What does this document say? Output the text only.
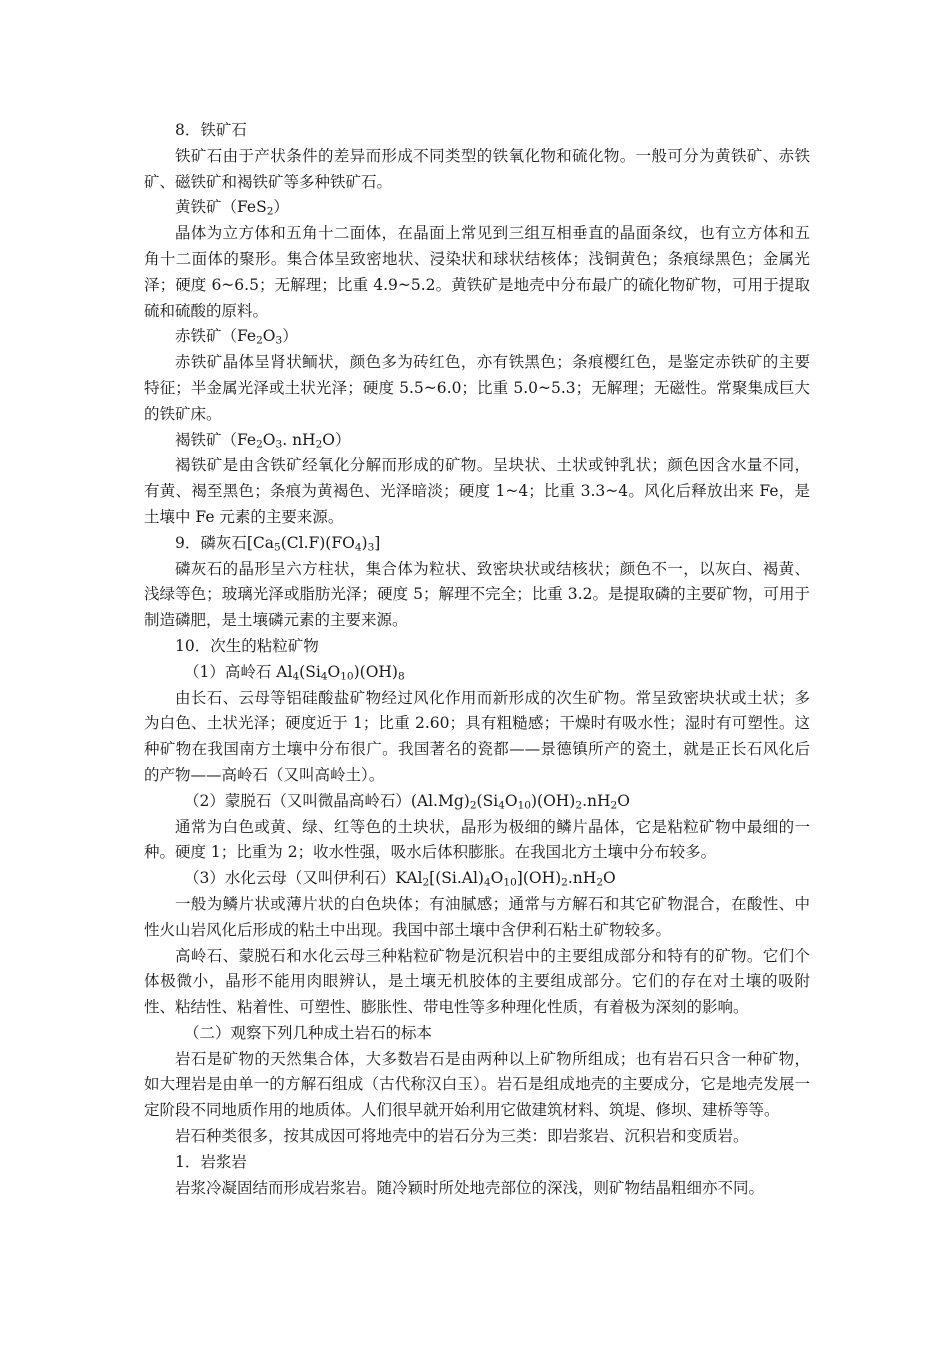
8．铁矿石

铁矿石由于产状条件的差异而形成不同类型的铁氧化物和硫化物。一般可分为黄铁矿、赤铁矿、磁铁矿和褐铁矿等多种铁矿石。

黄铁矿（FeS$_2$）

晶体为立方体和五角十二面体，在晶面上常见到三组互相垂直的晶面条纹，也有立方体和五角十二面体的聚形。集合体呈致密地状、浸染状和球状结核体；浅铜黄色；条痕绿黑色；金属光泽；硬度 6~6.5；无解理；比重 4.9~5.2。黄铁矿是地壳中分布最广的硫化物矿物，可用于提取硫和硫酸的原料。

赤铁矿$(Fe_2O_3)$

赤铁矿晶体呈肾状鲕状，颜色多为砖红色，亦有铁黑色；条痕樱红色，是鉴定赤铁矿的主要特征；半金属光泽或土状光泽；硬度 5.5~6.0；比重 5.0~5.3；无解理；无磁性。常聚集成巨大的铁矿床。

褐铁矿（$Fe_2O_3$. $nH_2O$）

褐铁矿是由含铁矿经氧化分解而形成的矿物。呈块状、土状或钟乳状；颜色因含水量不同，有黄、褐至黑色；条痕为黄褐色、光泽暗淡；硬度 1~4；比重 3.3~4。风化后释放出来 Fe，是土壤中 Fe 元素的主要来源。

9．磷灰石$[Ca_5(Cl.F)(FO_4)_3]$

磷灰石的晶形呈六方柱状，集合体为粒状、致密块状或结核状；颜色不一，以灰白、褐黄、浅绿等色；玻璃光泽或脂肪光泽；硬度 5；解理不完全；比重 3.2。是提取磷的主要矿物，可用于制造磷肥，是土壤磷元素的主要来源。

10．次生的粘粒矿物

（1）高岭石 $Al_4(Si_4O_{10})(OH)_8$

由长石、云母等铝硅酸盐矿物经过风化作用而新形成的次生矿物。常呈致密块状或土状；多为白色、土状光泽；硬度近于 1；比重 2.60；具有粗糙感；干燥时有吸水性；湿时有可塑性。这种矿物在我国南方土壤中分布很广。我国著名的瓷都——景德镇所产的瓷土，就是正长石风化后的产物——高岭石（又叫高岭土）。

（2）蒙脱石（又叫微晶高岭石）$(Al.Mg)_2(Si_4O_{10})(OH)_2.nH_2O$

通常为白色或黄、绿、红等色的土块状，晶形为极细的鳞片晶体，它是粘粒矿物中最细的一种。硬度 1；比重为 2；收水性强，吸水后体积膨胀。在我国北方土壤中分布较多。

（3）水化云母（又叫伊利石）$KAl_2[(Si.Al)_4O_{10}](OH)_2.nH_2O$

一般为鳞片状或薄片状的白色块体；有油腻感；通常与方解石和其它矿物混合，在酸性、中性火山岩风化后形成的粘土中出现。我国中部土壤中含伊利石粘土矿物较多。

高岭石、蒙脱石和水化云母三种粘粒矿物是沉积岩中的主要组成部分和特有的矿物。它们个体极微小，晶形不能用肉眼辨认，是土壤无机胶体的主要组成部分。它们的存在对土壤的吸附性、粘结性、粘着性、可塑性、膨胀性、带电性等多种理化性质，有着极为深刻的影响。

（二）观察下列几种成土岩石的标本

岩石是矿物的天然集合体，大多数岩石是由两种以上矿物所组成；也有岩石只含一种矿物，如大理岩是由单一的方解石组成（古代称汉白玉）。岩石是组成地壳的主要成分，它是地壳发展一定阶段不同地质作用的地质体。人们很早就开始利用它做建筑材料、筑堤、修坝、建桥等等。

岩石种类很多，按其成因可将地壳中的岩石分为三类：即岩浆岩、沉积岩和变质岩。

1．岩浆岩

岩浆冷凝固结而形成岩浆岩。随冷颖时所处地壳部位的深浅，则矿物结晶粗细亦不同。
